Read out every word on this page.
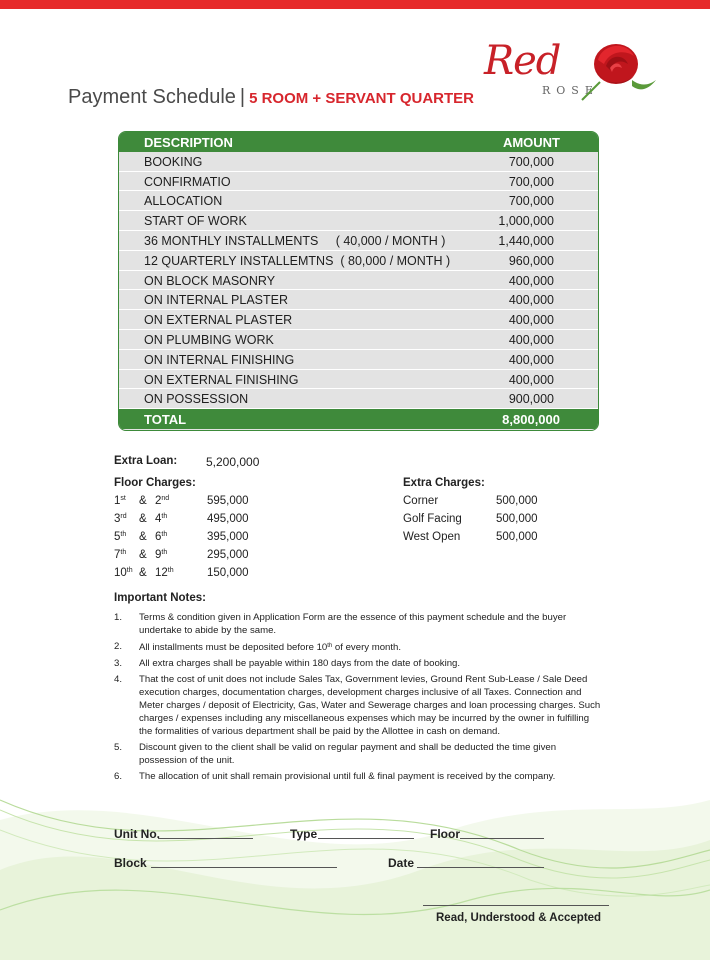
Red
ROSE
Payment Schedule | 5 ROOM + SERVANT QUARTER
DESCRIPTION	AMOUNT
BOOKING	700,000
CONFIRMATIO	700,000
ALLOCATION	700,000
START OF WORK	1,000,000
36 MONTHLY INSTALLMENTS     ( 40,000 / MONTH )	1,440,000
12 QUARTERLY INSTALLEMTNS  ( 80,000 / MONTH )	960,000
ON BLOCK MASONRY	400,000
ON INTERNAL PLASTER	400,000
ON EXTERNAL PLASTER	400,000
ON PLUMBING WORK	400,000
ON INTERNAL FINISHING	400,000
ON EXTERNAL FINISHING	400,000
ON POSSESSION	900,000
TOTAL	8,800,000
Extra Loan: 5,200,000
Floor Charges:
1st & 2nd	595,000
3rd & 4th	495,000
5th & 6th	395,000
7th & 9th	295,000
10th & 12th	150,000
Extra Charges:
Corner	500,000
Golf Facing	500,000
West Open	500,000
Important Notes:
1. Terms & condition given in Application Form are the essence of this payment schedule and the buyer undertake to abide by the same.
2. All installments must be deposited before 10th of every month.
3. All extra charges shall be payable within 180 days from the date of booking.
4. That the cost of unit does not include Sales Tax, Government levies, Ground Rent Sub-Lease / Sale Deed execution charges, documentation charges, development charges inclusive of all Taxes. Connection and Meter charges / deposit of Electricity, Gas, Water and Sewerage charges and loan processing charges. Such charges / expenses including any miscellaneous expenses which may be incurred by the owner in fulfilling the formalities of various department shall be paid by the Allottee in cash on demand.
5. Discount given to the client shall be valid on regular payment and shall be deducted the time given possession of the unit.
6. The allocation of unit shall remain provisional until full & final payment is received by the company.
Unit No.	Type	Floor
Block	Date
Read, Understood & Accepted
